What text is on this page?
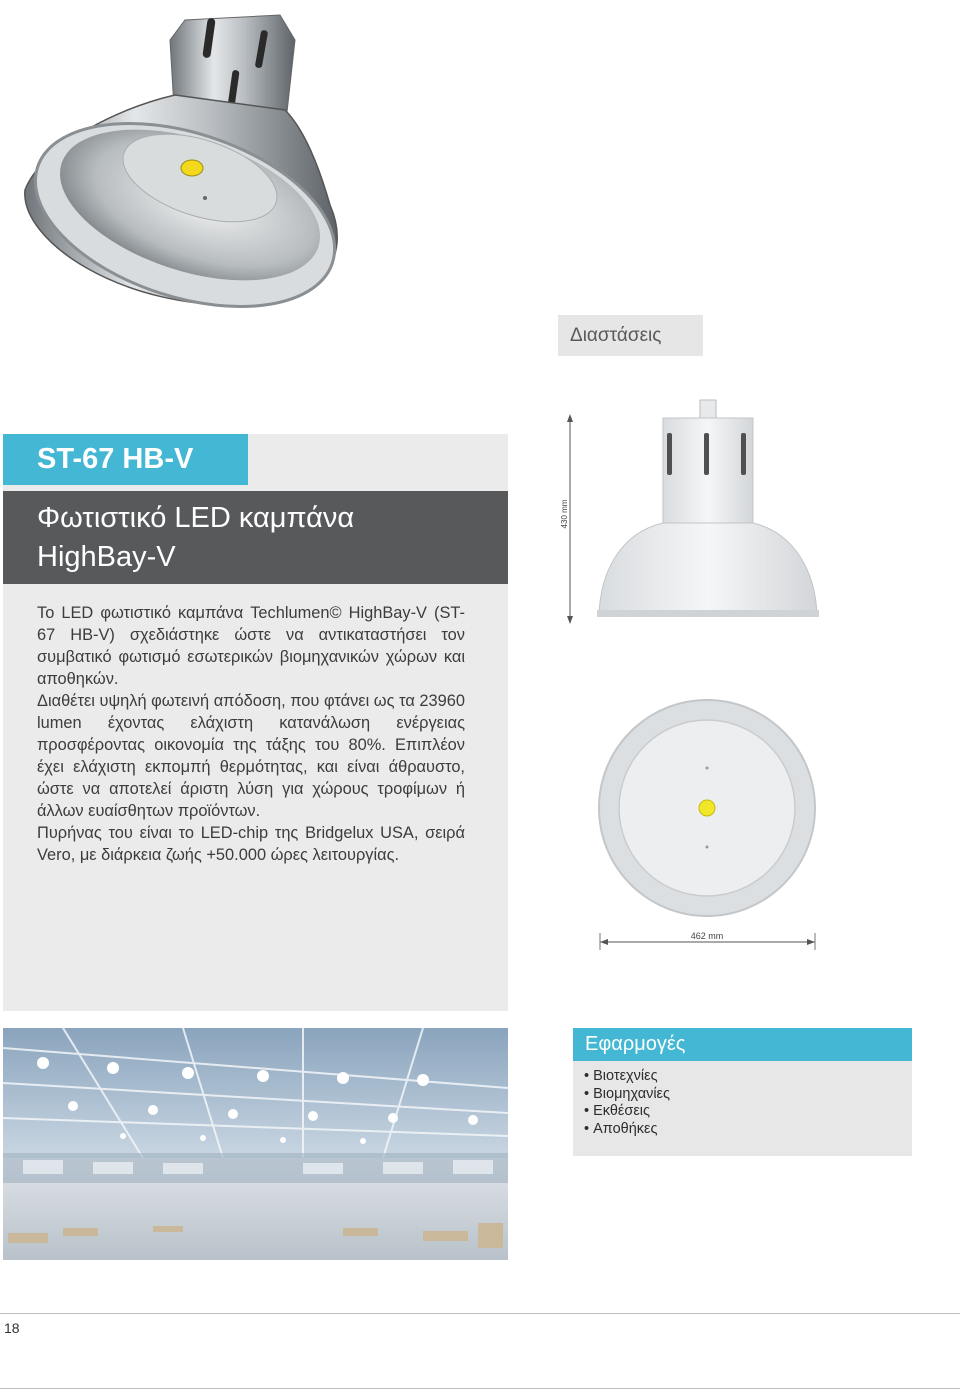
Διαστάσεις
ST-67 HB-V
Φωτιστικό LED καμπάνα
HighBay-V

Το LED φωτιστικό καμπάνα Techlumen© HighBay-V (ST-67 HB-V) σχεδιάστηκε ώστε να αντικαταστήσει τον συμβατικό φωτισμό εσωτερικών βιομηχανικών χώρων και αποθηκών.

Διαθέτει υψηλή φωτεινή απόδοση, που φτάνει ως τα 23960 lumen έχοντας ελάχιστη κατανάλωση ενέργειας προσφέροντας οικονομία της τάξης του 80%. Επιπλέον έχει ελάχιστη εκπομπή θερμότητας, και είναι άθραυστο, ώστε να αποτελεί άριστη λύση για χώρους τροφίμων ή άλλων ευαίσθητων προϊόντων.

Πυρήνας του είναι το LED-chip της Bridgelux USA, σειρά Vero, με διάρκεια ζωής +50.000 ώρες λειτουργίας.

430 mm
462 mm
Εφαρμογές
• Βιοτεχνίες
• Βιομηχανίες
• Εκθέσεις
• Αποθήκες
18
